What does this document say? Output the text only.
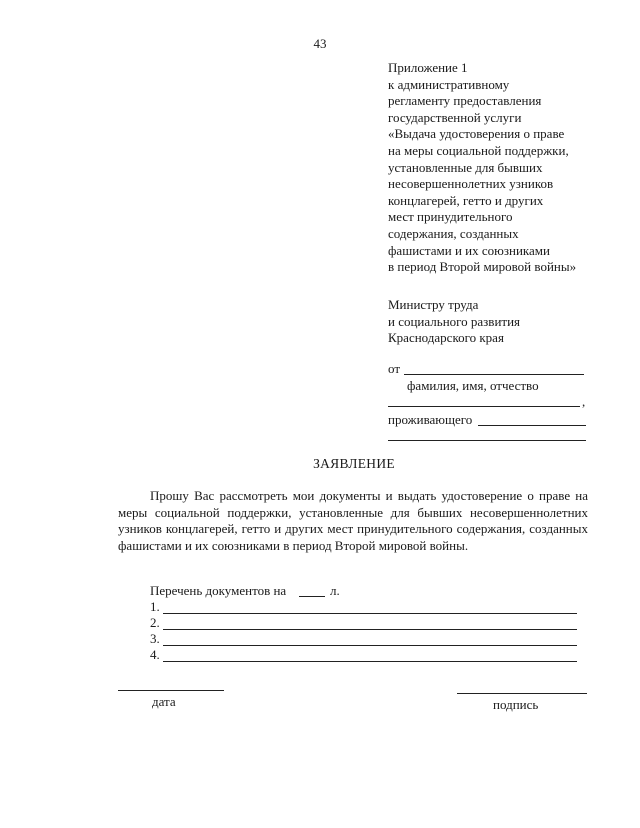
43
Приложение 1
к административному
регламенту предоставления
государственной услуги
«Выдача удостоверения о праве
на меры социальной поддержки,
установленные для бывших
несовершеннолетних узников
концлагерей, гетто и других
мест принудительного
содержания, созданных
фашистами и их союзниками
в период Второй мировой войны»
Министру труда
и социального развития
Краснодарского края
от
фамилия, имя, отчество
,
проживающего
ЗАЯВЛЕНИЕ
Прошу Вас рассмотреть мои документы и выдать удостоверение о праве на меры социальной поддержки, установленные для бывших несовершеннолетних узников концлагерей, гетто и других мест принудительного содержания, созданных фашистами и их союзниками в период Второй мировой войны.
Перечень документов на	л.
1.
2.
3.
4.
дата	подпись
